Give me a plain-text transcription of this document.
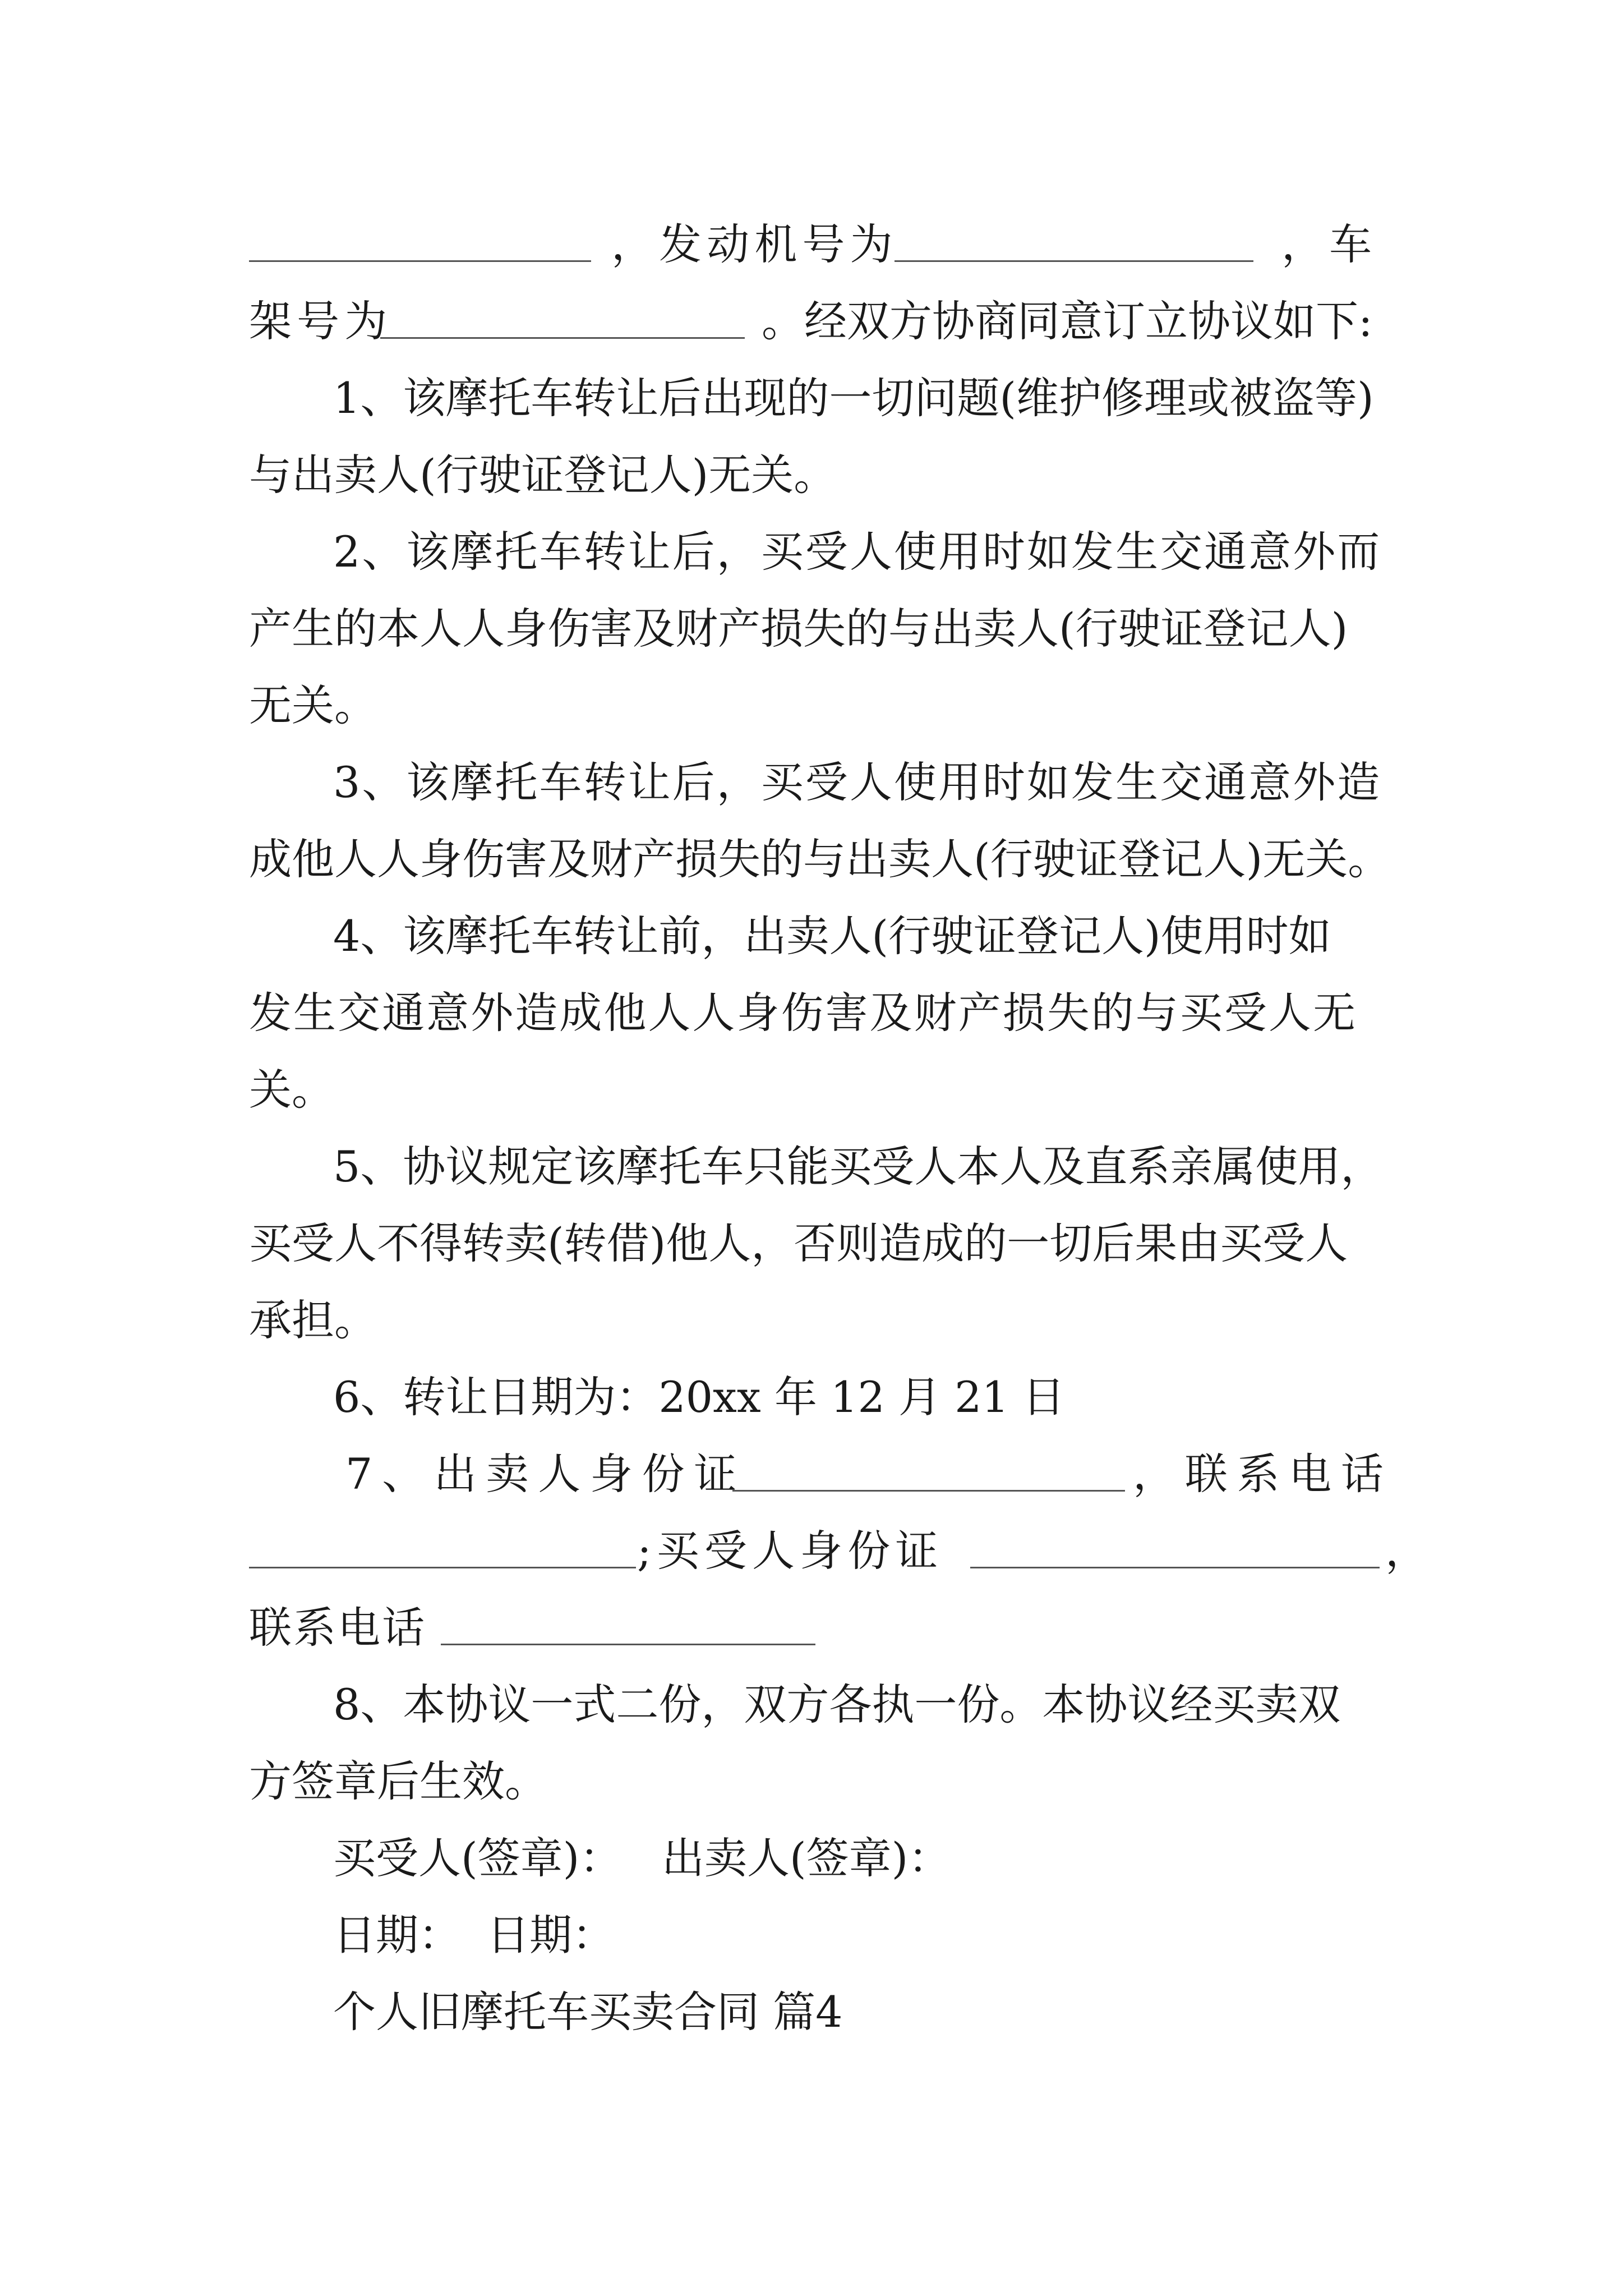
，发动机号为	，车
架号为	。经双方协商同意订立协议如下:
1、该摩托车转让后出现的一切问题(维护修理或被盗等)
与出卖人(行驶证登记人)无关。
2、该摩托车转让后，买受人使用时如发生交通意外而
产生的本人人身伤害及财产损失的与出卖人(行驶证登记人)
无关。
3、该摩托车转让后，买受人使用时如发生交通意外造
成他人人身伤害及财产损失的与出卖人(行驶证登记人)无关。
4、该摩托车转让前，出卖人(行驶证登记人)使用时如
发生交通意外造成他人人身伤害及财产损失的与买受人无
关。
5、协议规定该摩托车只能买受人本人及直系亲属使用，
买受人不得转卖(转借)他人，否则造成的一切后果由买受人
承担。
6、转让日期为：20xx 年 12 月 21 日
7、出卖人身份证	，联系电话
;买受人身份证	，
联系电话
8、本协议一式二份，双方各执一份。本协议经买卖双
方签章后生效。
买受人(签章)： 出卖人(签章)：
日期： 日期：
个人旧摩托车买卖合同 篇4
